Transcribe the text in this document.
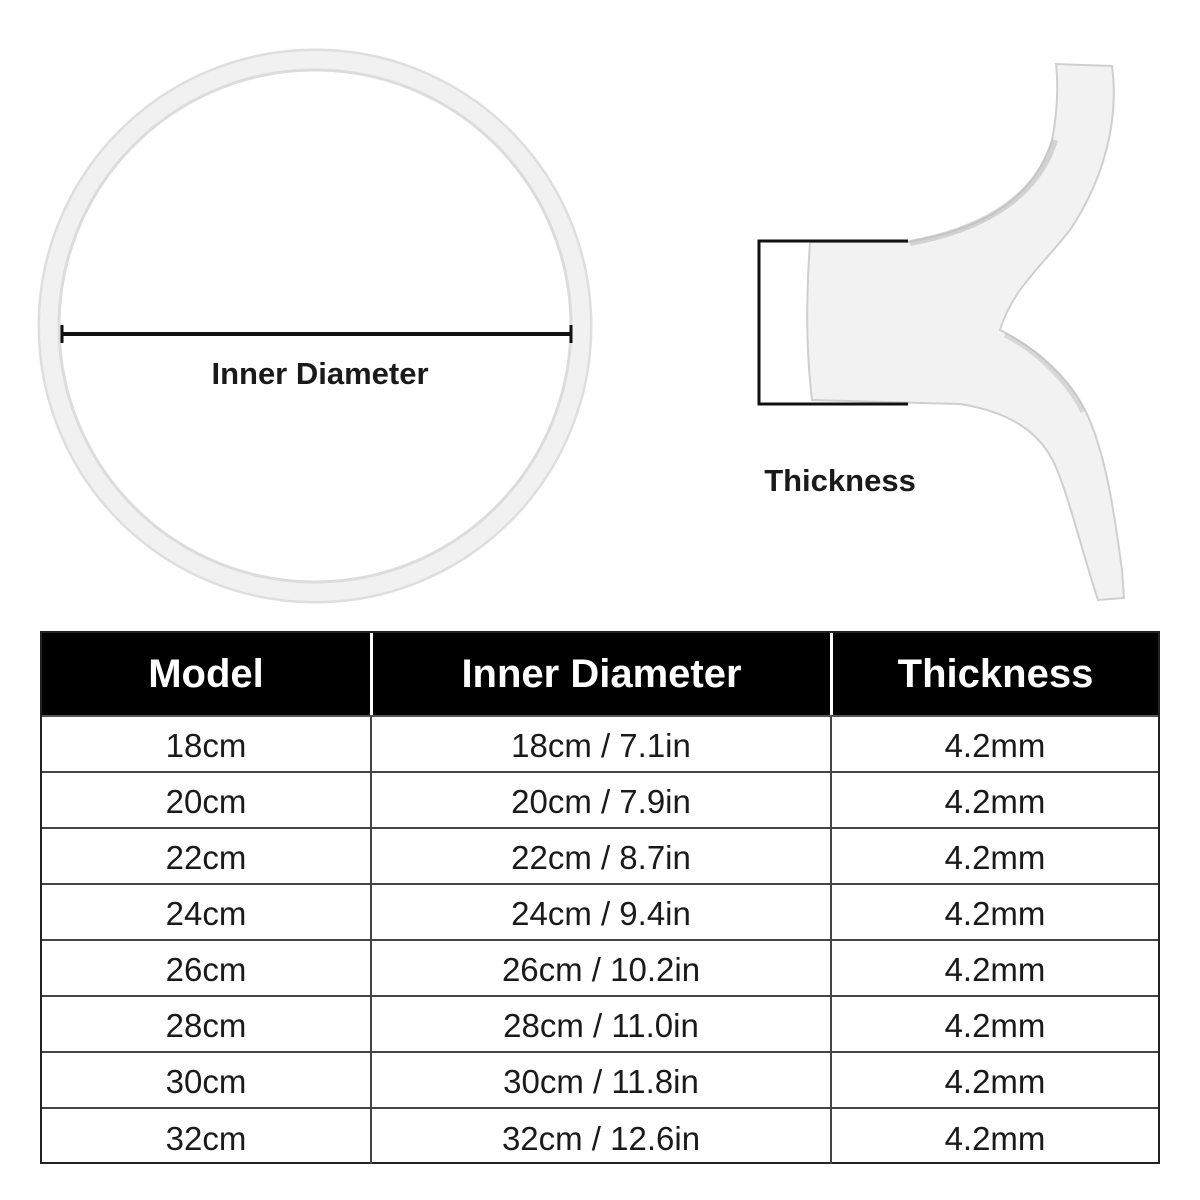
Inner Diameter
Thickness
Model	Inner Diameter	Thickness
18cm	18cm / 7.1in	4.2mm
20cm	20cm / 7.9in	4.2mm
22cm	22cm / 8.7in	4.2mm
24cm	24cm / 9.4in	4.2mm
26cm	26cm / 10.2in	4.2mm
28cm	28cm / 11.0in	4.2mm
30cm	30cm / 11.8in	4.2mm
32cm	32cm / 12.6in	4.2mm
